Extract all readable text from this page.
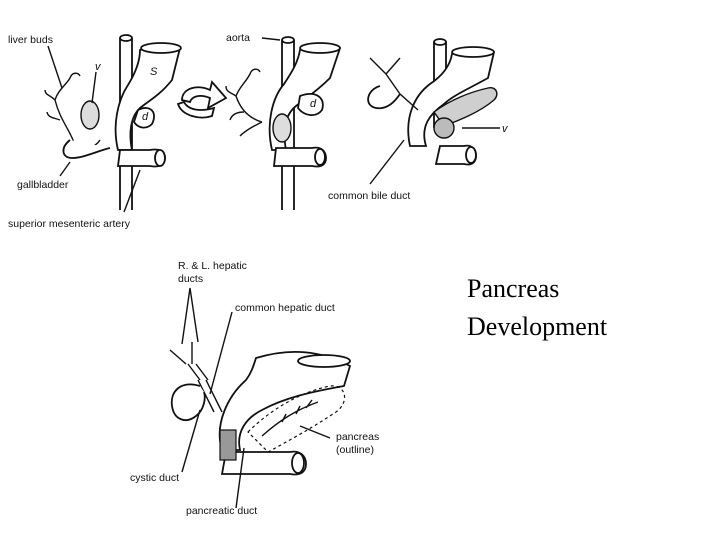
liver buds
v	S
d
gallbladder
superior mesenteric artery
aorta
d
v
common bile duct
R. & L. hepatic
ducts
common hepatic duct
pancreas
(outline)
cystic duct
pancreatic duct
Pancreas
Development
